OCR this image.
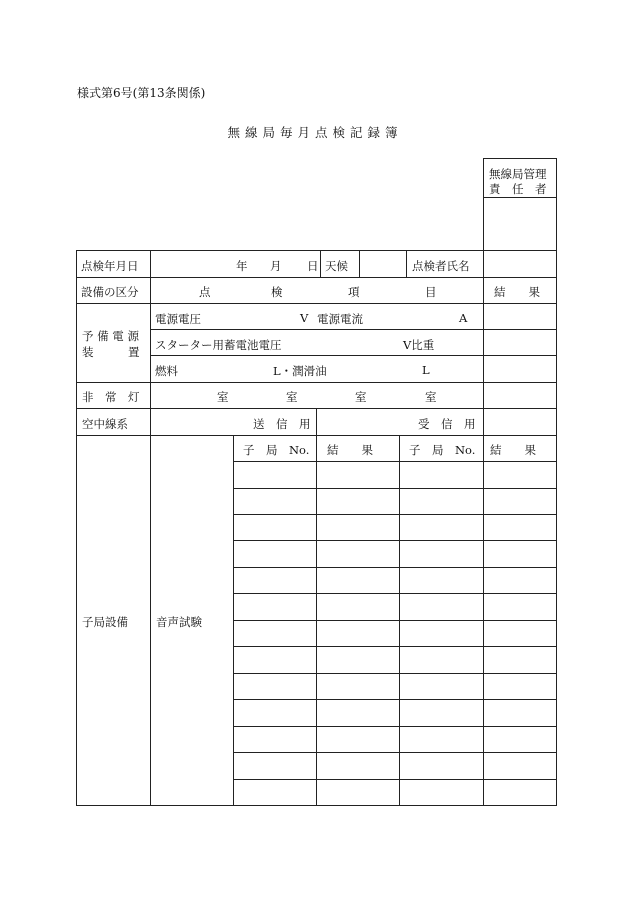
様式第6号(第13条関係)
無線局毎月点検記録簿
無線局管理
責　任　者
点検年月日	年 月 日 天候	点検者氏名
設備の区分	点	検	項	目	結　　果
予 備 電 源
装　　　置
電源電圧	V 電源電流	A
スターター用蓄電池電圧	V比重
燃料	L・潤滑油	L
非　常　灯	室	室	室	室
空中線系	送　信　用	受　信　用
子局設備 音声試験
子　局　No. 結　　果	子　局　No. 結　　果
